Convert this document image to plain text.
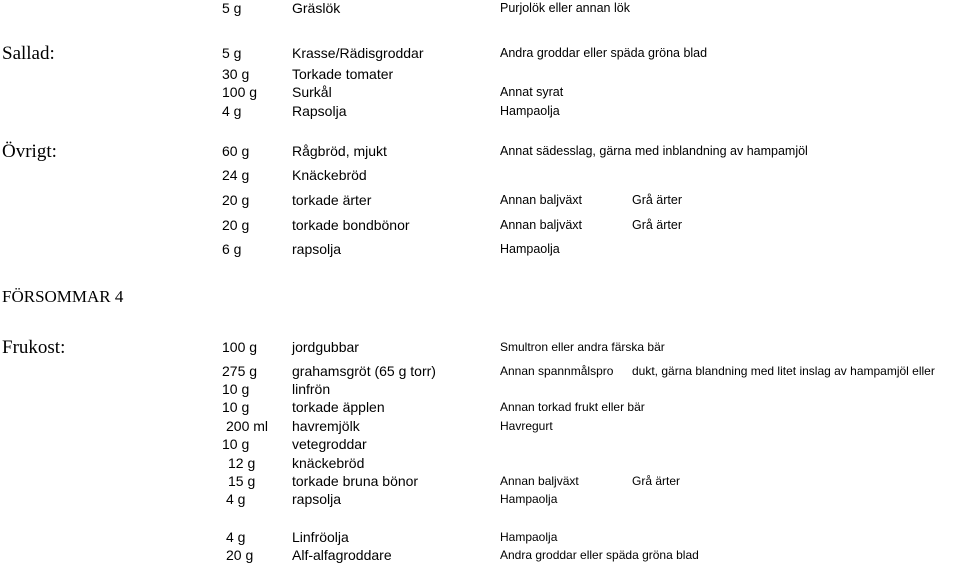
5 g	Gräslök	Purjolök eller annan lök
Sallad:	5 g	Krasse/Rädisgroddar	Andra groddar eller späda gröna blad
30 g	Torkade tomater
100 g Surkål	Annat syrat
4 g	Rapsolja	Hampaolja
Övrigt:	60 g	Rågbröd, mjukt	Annat sädesslag, gärna med inblandning av hampamjöl
24 g	Knäckebröd
20 g	torkade ärter	Annan baljväxt	Grå ärter
20 g	torkade bondbönor	Annan baljväxt	Grå ärter
6 g	rapsolja	Hampaolja
FÖRSOMMAR 4
Frukost:	100 g jordgubbar	Smultron eller andra färska bär
275 g grahamsgröt (65 g torr)	Annan spannmålspro	dukt, gärna blandning med litet inslag av hampamjöl eller
10 g	linfrön
10 g	torkade äpplen	Annan torkad frukt eller bär
200 ml havremjölk	Havregurt
10 g	vetegroddar
12 g	knäckebröd
15 g	torkade bruna bönor	Annan baljväxt	Grå ärter
4 g	rapsolja	Hampaolja
4 g	Linfröolja	Hampaolja
20 g	Alf-alfagroddare	Andra groddar eller späda gröna blad
